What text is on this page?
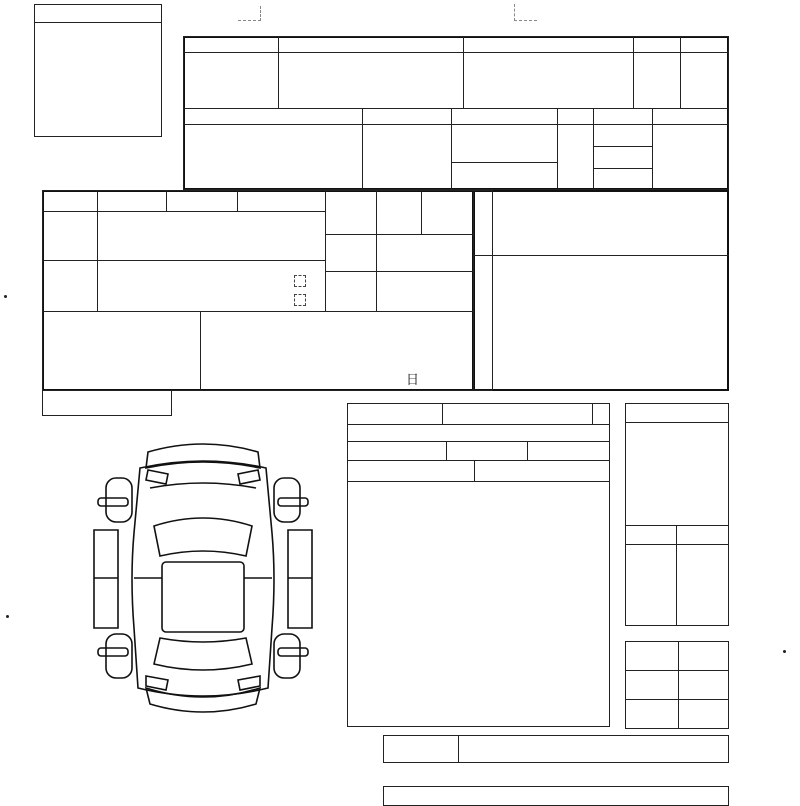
日
